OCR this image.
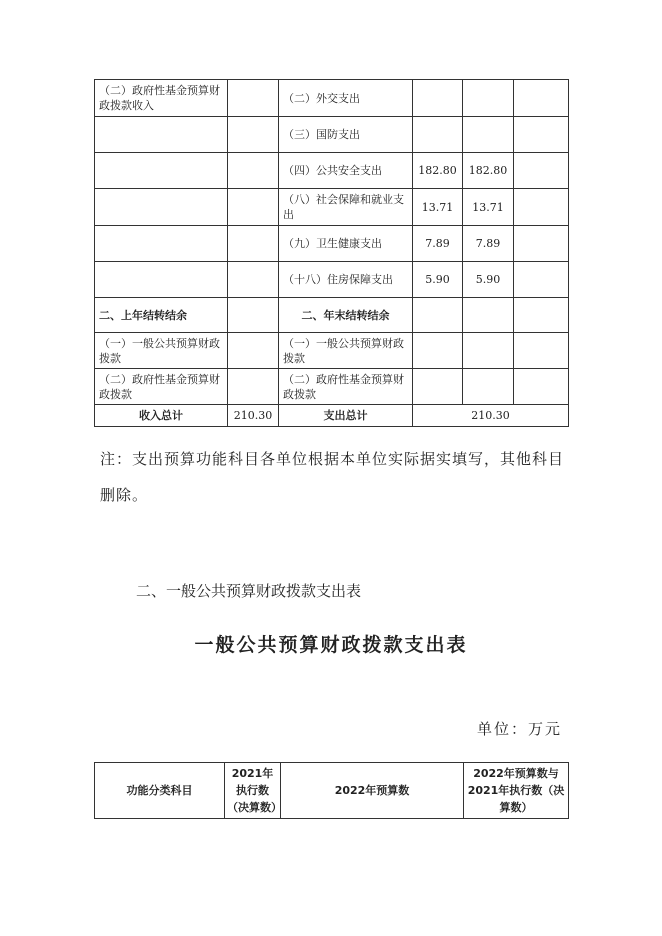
（二）政府性基金预算财政拨款收入		（二）外交支出			
		（三）国防支出			
		（四）公共安全支出	182.80	182.80	
		（八）社会保障和就业支出	13.71	13.71	
		（九）卫生健康支出	7.89	7.89	
		（十八）住房保障支出	5.90	5.90	
二、上年结转结余		二、年末结转结余			
（一）一般公共预算财政拨款		（一）一般公共预算财政拨款			
（二）政府性基金预算财政拨款		（二）政府性基金预算财政拨款			
收入总计	210.30	支出总计	210.30		
注：支出预算功能科目各单位根据本单位实际据实填写，其他科目删除。
二、一般公共预算财政拨款支出表
一般公共预算财政拨款支出表
单位：万元
功能分类科目	2021年执行数（决算数）	2022年预算数	2022年预算数与2021年执行数（决算数）
